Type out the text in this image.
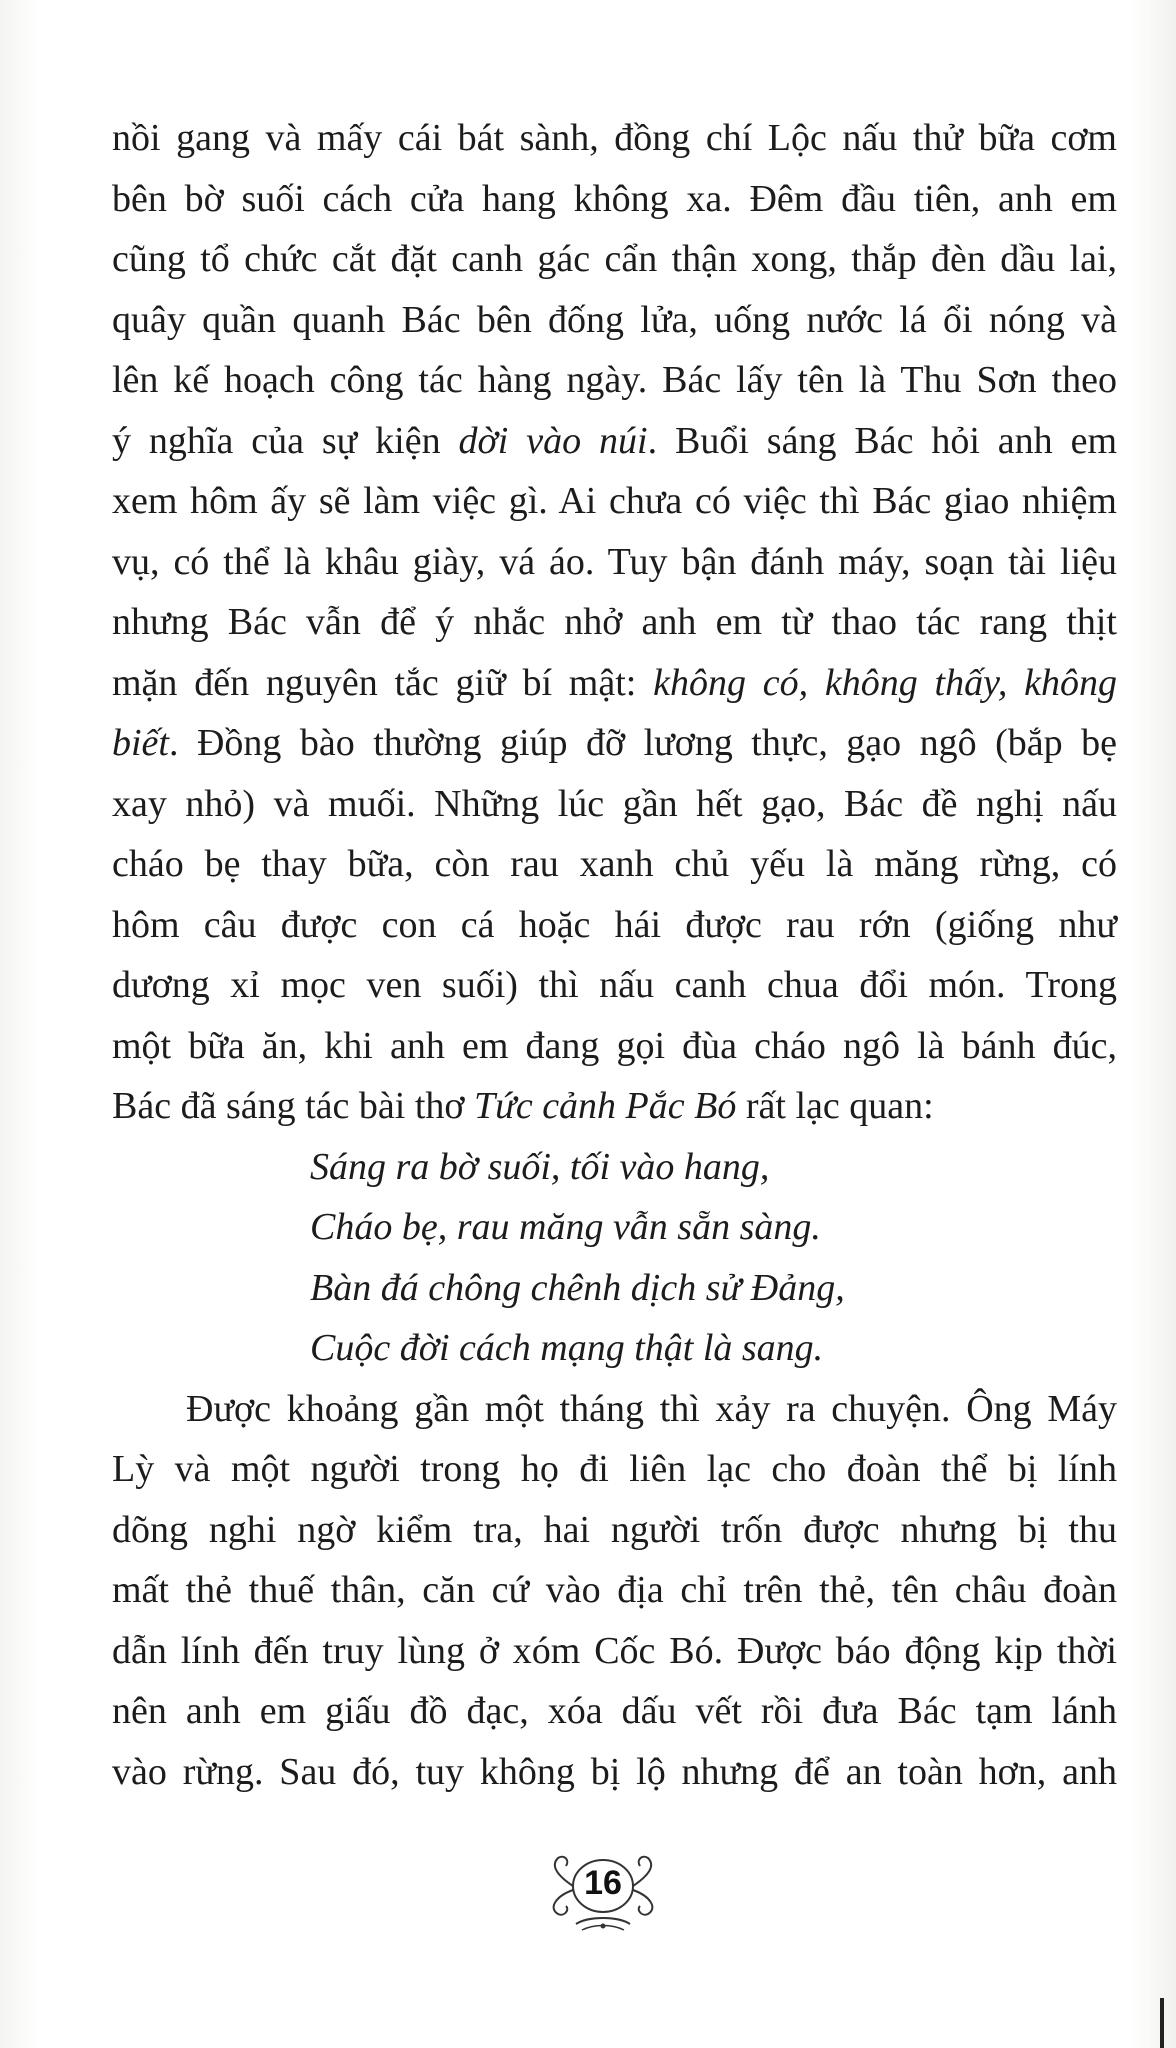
nồi gang và mấy cái bát sành, đồng chí Lộc nấu thử bữa cơm
bên bờ suối cách cửa hang không xa. Đêm đầu tiên, anh em
cũng tổ chức cắt đặt canh gác cẩn thận xong, thắp đèn dầu lai,
quây quần quanh Bác bên đống lửa, uống nước lá ổi nóng và
lên kế hoạch công tác hàng ngày. Bác lấy tên là Thu Sơn theo
ý nghĩa của sự kiện dời vào núi. Buổi sáng Bác hỏi anh em
xem hôm ấy sẽ làm việc gì. Ai chưa có việc thì Bác giao nhiệm
vụ, có thể là khâu giày, vá áo. Tuy bận đánh máy, soạn tài liệu
nhưng Bác vẫn để ý nhắc nhở anh em từ thao tác rang thịt
mặn đến nguyên tắc giữ bí mật: không có, không thấy, không
biết. Đồng bào thường giúp đỡ lương thực, gạo ngô (bắp bẹ
xay nhỏ) và muối. Những lúc gần hết gạo, Bác đề nghị nấu
cháo bẹ thay bữa, còn rau xanh chủ yếu là măng rừng, có
hôm câu được con cá hoặc hái được rau rớn (giống như
dương xỉ mọc ven suối) thì nấu canh chua đổi món. Trong
một bữa ăn, khi anh em đang gọi đùa cháo ngô là bánh đúc,
Bác đã sáng tác bài thơ Tức cảnh Pắc Bó rất lạc quan:
Sáng ra bờ suối, tối vào hang,
Cháo bẹ, rau măng vẫn sẵn sàng.
Bàn đá chông chênh dịch sử Đảng,
Cuộc đời cách mạng thật là sang.
Được khoảng gần một tháng thì xảy ra chuyện. Ông Máy
Lỳ và một người trong họ đi liên lạc cho đoàn thể bị lính
dõng nghi ngờ kiểm tra, hai người trốn được nhưng bị thu
mất thẻ thuế thân, căn cứ vào địa chỉ trên thẻ, tên châu đoàn
dẫn lính đến truy lùng ở xóm Cốc Bó. Được báo động kịp thời
nên anh em giấu đồ đạc, xóa dấu vết rồi đưa Bác tạm lánh
vào rừng. Sau đó, tuy không bị lộ nhưng để an toàn hơn, anh
16
